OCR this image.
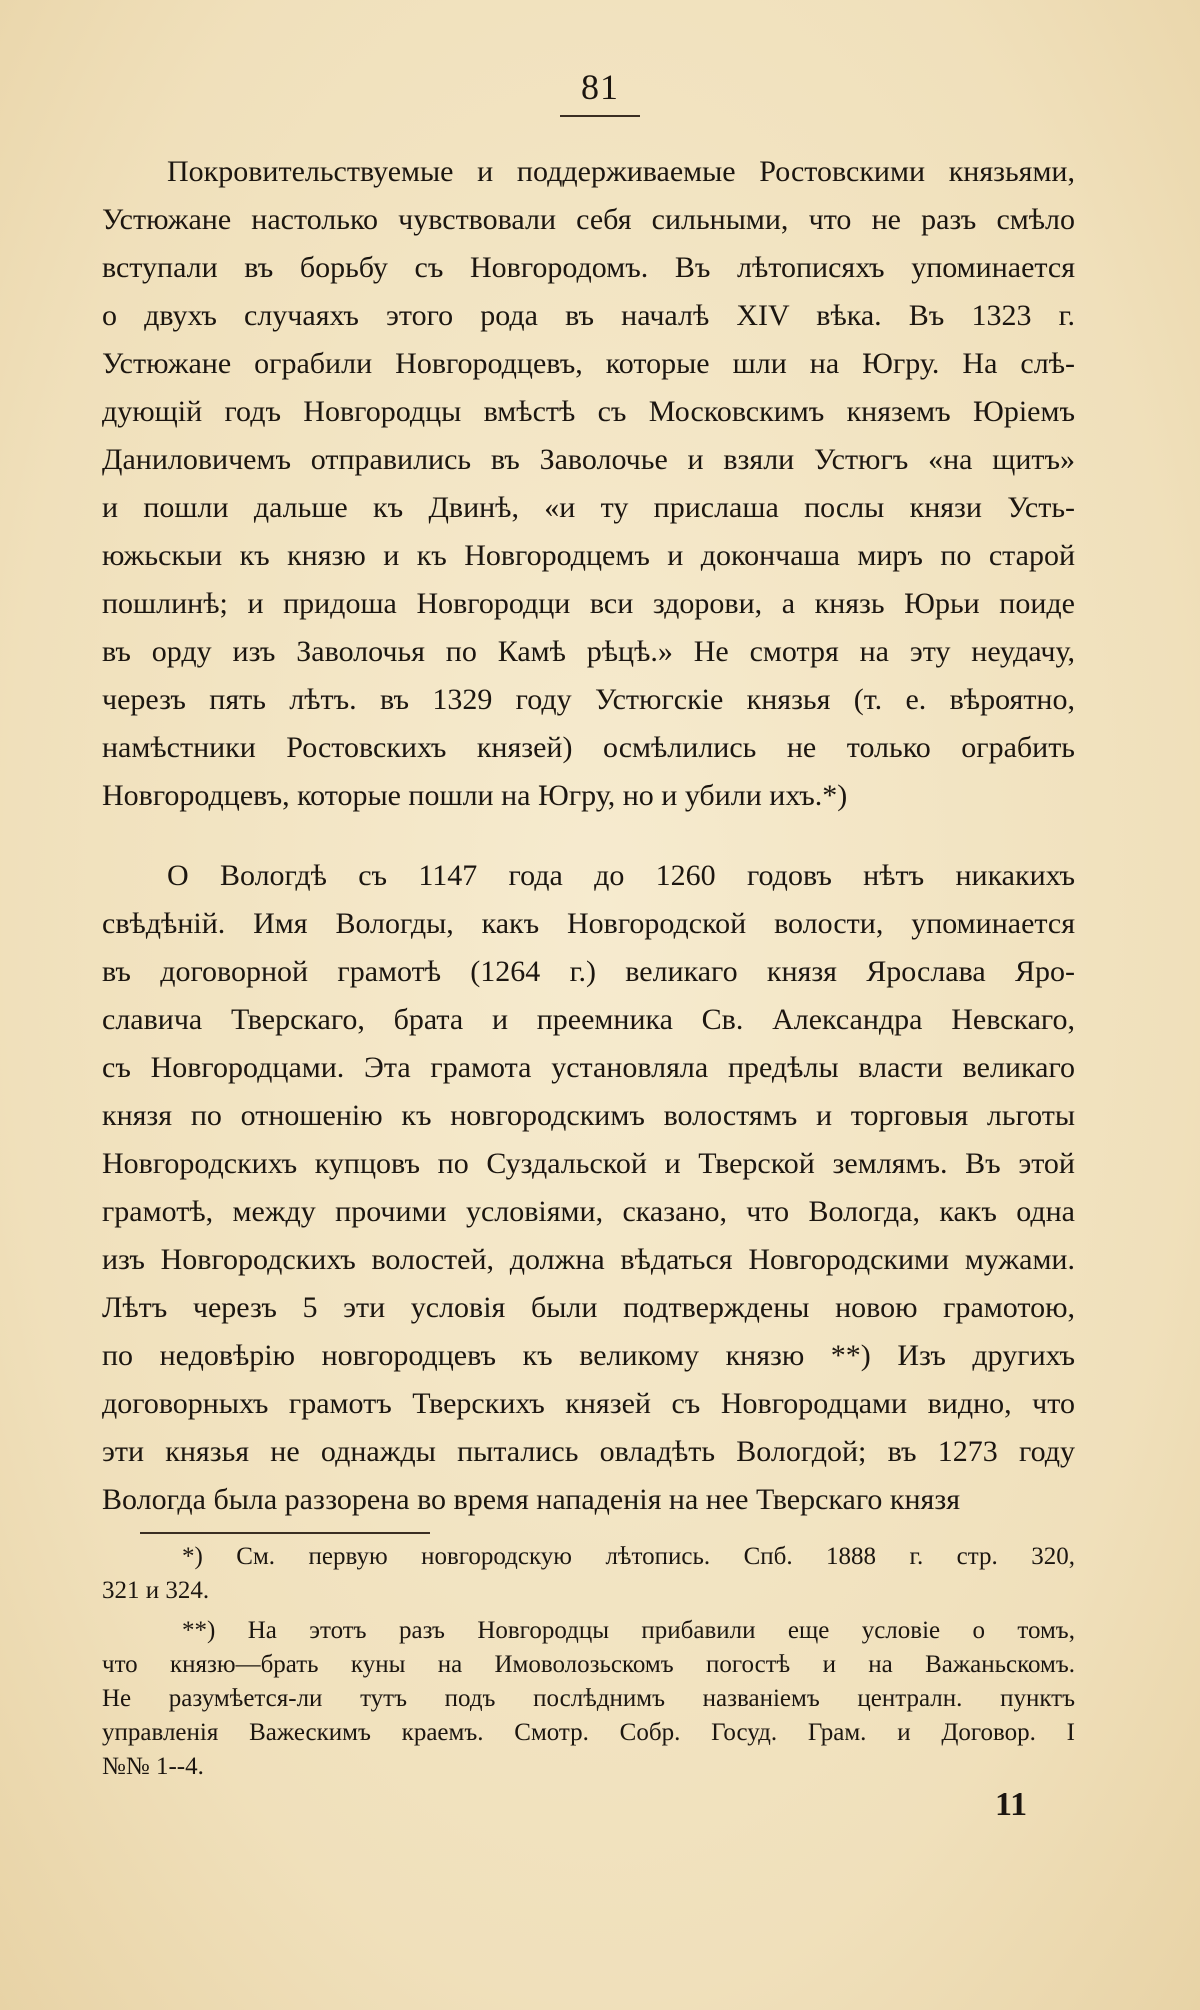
81
Покровительствуемые и поддерживаемые Ростовскими князьями,
Устюжане настолько чувствовали себя сильными, что не разъ смѣло
вступали въ борьбу съ Новгородомъ. Въ лѣтописяхъ упоминается
о двухъ случаяхъ этого рода въ началѣ XIV вѣка. Въ 1323 г.
Устюжане ограбили Новгородцевъ, которые шли на Югру. На слѣ-
дующій годъ Новгородцы вмѣстѣ съ Московскимъ княземъ Юріемъ
Даниловичемъ отправились въ Заволочье и взяли Устюгъ «на щитъ»
и пошли дальше къ Двинѣ, «и ту прислаша послы князи Усть-
южьскыи къ князю и къ Новгородцемъ и докончаша миръ по старой
пошлинѣ; и придоша Новгородци вси здорови, а князь Юрьи поиде
въ орду изъ Заволочья по Камѣ рѣцѣ.» Не смотря на эту неудачу,
черезъ пять лѣтъ. въ 1329 году Устюгскіе князья (т. е. вѣроятно,
намѣстники Ростовскихъ князей) осмѣлились не только ограбить
Новгородцевъ, которые пошли на Югру, но и убили ихъ.*)
О Вологдѣ съ 1147 года до 1260 годовъ нѣтъ никакихъ
свѣдѣній. Имя Вологды, какъ Новгородской волости, упоминается
въ договорной грамотѣ (1264 г.) великаго князя Ярослава Яро-
славича Тверскаго, брата и преемника Св. Александра Невскаго,
съ Новгородцами. Эта грамота установляла предѣлы власти великаго
князя по отношенію къ новгородскимъ волостямъ и торговыя льготы
Новгородскихъ купцовъ по Суздальской и Тверской землямъ. Въ этой
грамотѣ, между прочими условіями, сказано, что Вологда, какъ одна
изъ Новгородскихъ волостей, должна вѣдаться Новгородскими мужами.
Лѣтъ черезъ 5 эти условія были подтверждены новою грамотою,
по недовѣрію новгородцевъ къ великому князю **) Изъ другихъ
договорныхъ грамотъ Тверскихъ князей съ Новгородцами видно, что
эти князья не однажды пытались овладѣть Вологдой; въ 1273 году
Вологда была раззорена во время нападенія на нее Тверскаго князя
*) См. первую новгородскую лѣтопись. Спб. 1888 г. стр. 320,
321 и 324.
**) На этотъ разъ Новгородцы прибавили еще условіе о томъ,
что князю—брать куны на Имоволозьскомъ погостѣ и на Важаньскомъ.
Не разумѣется-ли тутъ подъ послѣднимъ названіемъ централн. пунктъ
управленія Важескимъ краемъ. Смотр. Собр. Госуд. Грам. и Договор. I
№№ 1--4.
11
